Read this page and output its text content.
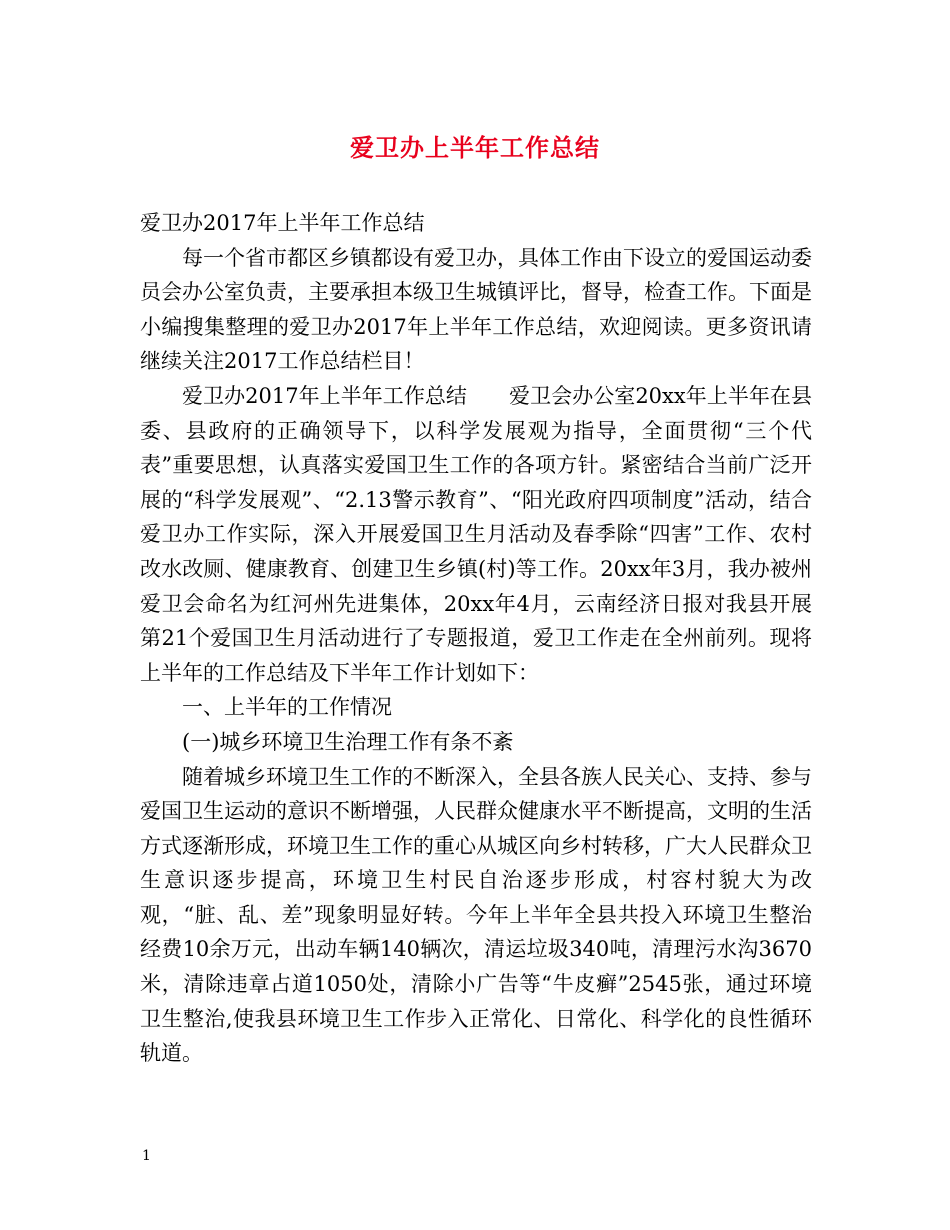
爱卫办上半年工作总结

爱卫办2017年上半年工作总结

每一个省市都区乡镇都设有爱卫办，具体工作由下设立的爱国运动委员会办公室负责，主要承担本级卫生城镇评比，督导，检查工作。下面是小编搜集整理的爱卫办2017年上半年工作总结，欢迎阅读。更多资讯请继续关注2017工作总结栏目！

爱卫办2017年上半年工作总结　　爱卫会办公室20xx年上半年在县委、县政府的正确领导下，以科学发展观为指导，全面贯彻“三个代表”重要思想，认真落实爱国卫生工作的各项方针。紧密结合当前广泛开展的“科学发展观”、“2.13警示教育”、“阳光政府四项制度”活动，结合爱卫办工作实际，深入开展爱国卫生月活动及春季除“四害”工作、农村改水改厕、健康教育、创建卫生乡镇(村)等工作。20xx年3月，我办被州爱卫会命名为红河州先进集体，20xx年4月，云南经济日报对我县开展第21个爱国卫生月活动进行了专题报道，爱卫工作走在全州前列。现将上半年的工作总结及下半年工作计划如下：

一、上半年的工作情况

(一)城乡环境卫生治理工作有条不紊

随着城乡环境卫生工作的不断深入，全县各族人民关心、支持、参与爱国卫生运动的意识不断增强，人民群众健康水平不断提高，文明的生活方式逐渐形成，环境卫生工作的重心从城区向乡村转移，广大人民群众卫生意识逐步提高，环境卫生村民自治逐步形成，村容村貌大为改观，“脏、乱、差”现象明显好转。今年上半年全县共投入环境卫生整治经费10余万元，出动车辆140辆次，清运垃圾340吨，清理污水沟3670米，清除违章占道1050处，清除小广告等“牛皮癣”2545张，通过环境卫生整治,使我县环境卫生工作步入正常化、日常化、科学化的良性循环轨道。

1
